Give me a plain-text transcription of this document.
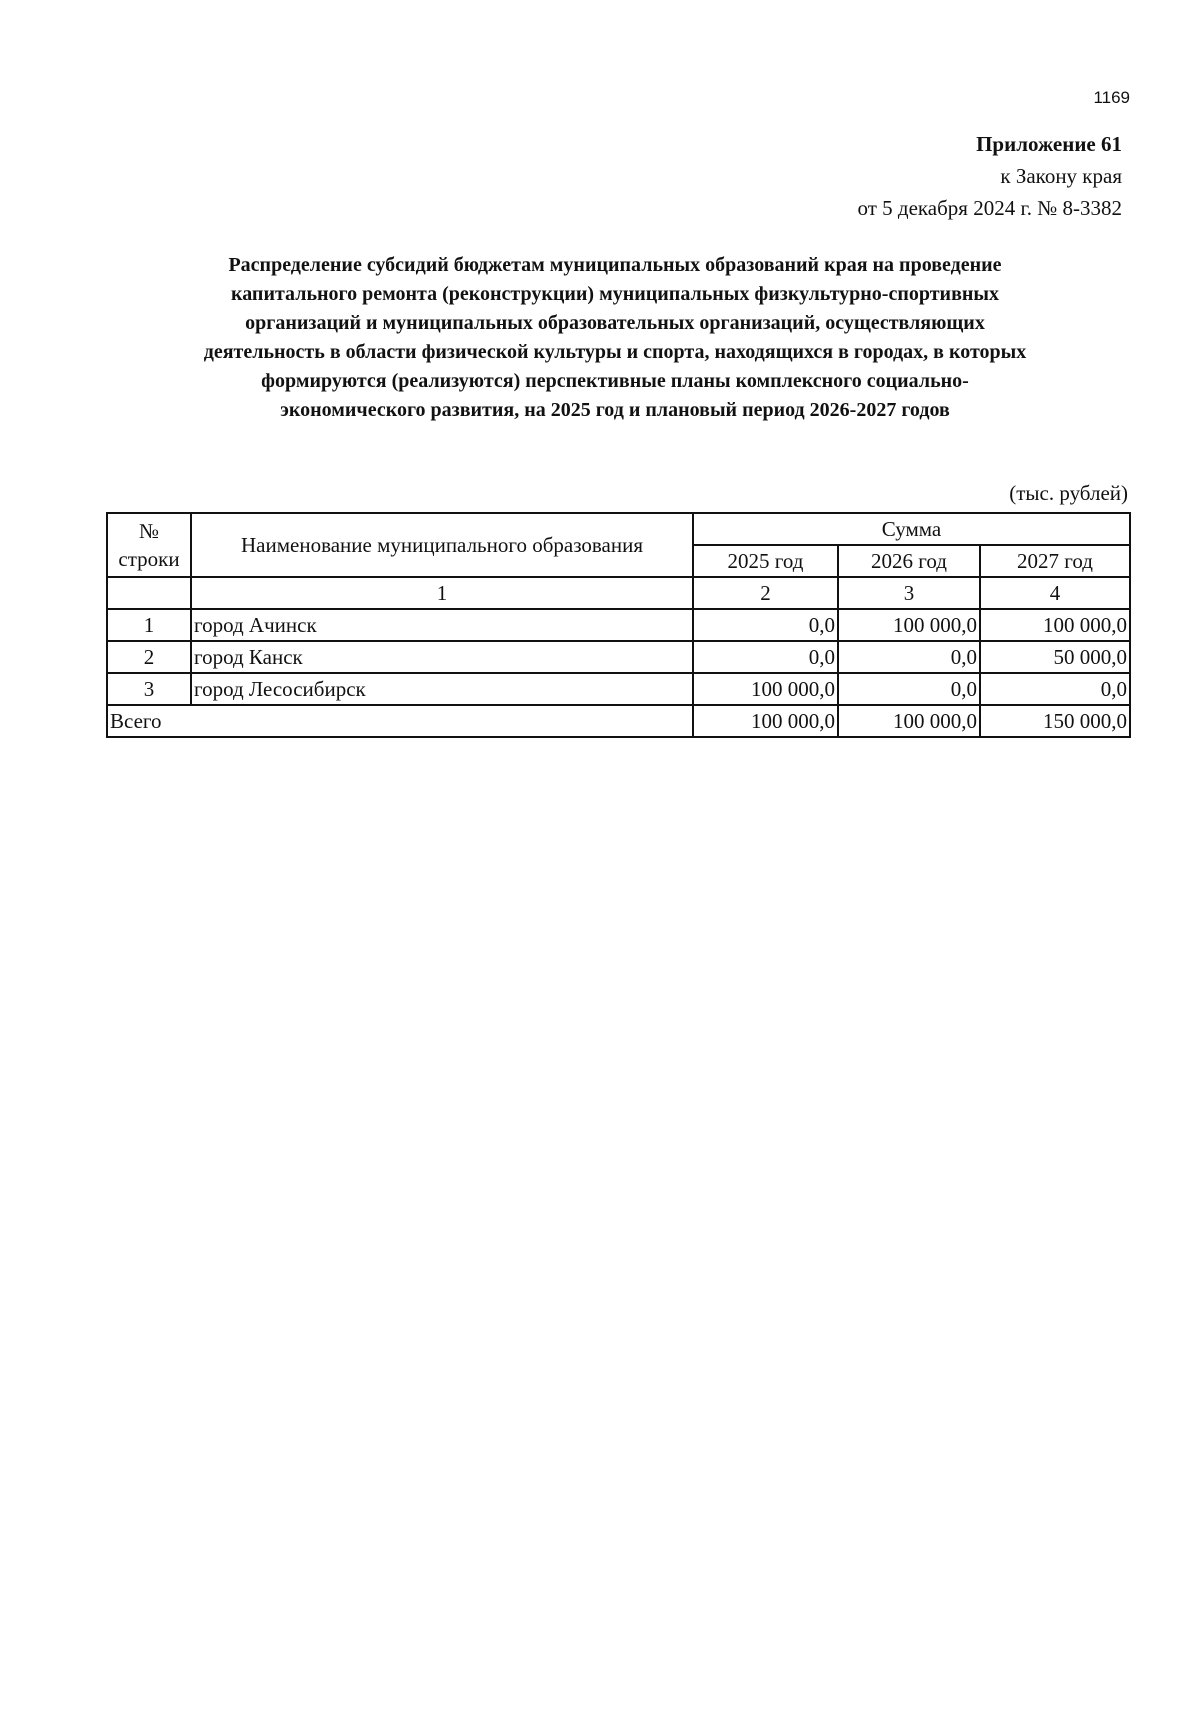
1169
Приложение 61
к Закону края
от 5 декабря 2024 г. № 8-3382
Распределение субсидий бюджетам муниципальных образований края на проведение
капитального ремонта (реконструкции) муниципальных физкультурно-спортивных
организаций и муниципальных образовательных организаций, осуществляющих
деятельность в области физической культуры и спорта, находящихся в городах, в которых
формируются (реализуются) перспективные планы комплексного социально-
экономического развития, на 2025 год и плановый период 2026-2027 годов
(тыс. рублей)
№
строки	Наименование муниципального образования	Сумма		
		2025 год	2026 год	2027 год
	1	2	3	4
1	город Ачинск	0,0	100 000,0	100 000,0
2	город Канск	0,0	0,0	50 000,0
3	город Лесосибирск	100 000,0	0,0	0,0
Всего		100 000,0	100 000,0	150 000,0
